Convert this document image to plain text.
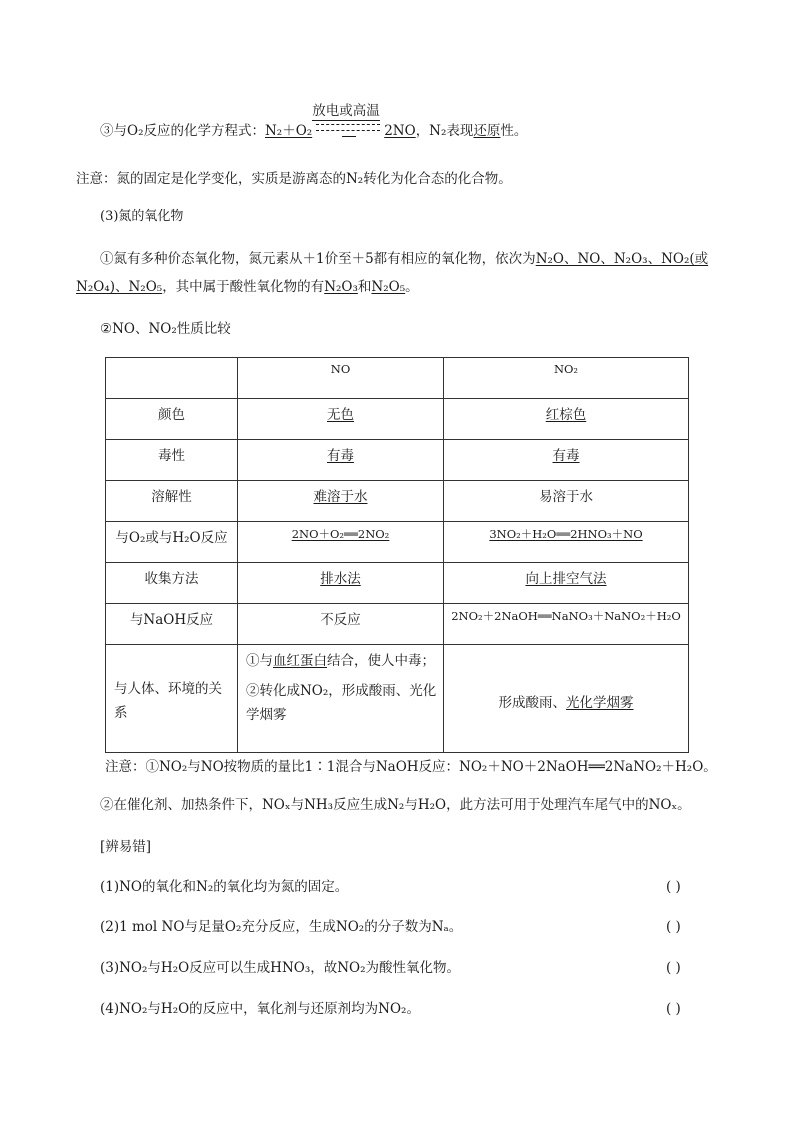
③与O₂反应的化学方程式：N₂＋O₂
放电或高温
2NO，N₂表现还原性。
注意：氮的固定是化学变化，实质是游离态的N₂转化为化合态的化合物。
(3)氮的氧化物
①氮有多种价态氧化物，氮元素从＋1价至＋5都有相应的氧化物，依次为N₂O、NO、N₂O₃、NO₂(或
N₂O₄)、N₂O₅，其中属于酸性氧化物的有N₂O₃和N₂O₅。
②NO、NO₂性质比较
	NO	NO₂
颜色	无色	红棕色
毒性	有毒	有毒
溶解性	难溶于水	易溶于水
与O₂或与H₂O反应	2NO＋O₂══2NO₂	3NO₂＋H₂O══2HNO₃＋NO
收集方法	排水法	向上排空气法
与NaOH反应	不反应	2NO₂＋2NaOH══NaNO₃＋NaNO₂＋H₂O
与人体、环境的关系	①与血红蛋白结合，使人中毒；
②转化成NO₂，形成酸雨、光化学烟雾	形成酸雨、光化学烟雾
注意：①NO₂与NO按物质的量比1∶1混合与NaOH反应：NO₂＋NO＋2NaOH══2NaNO₂＋H₂O。
②在催化剂、加热条件下，NOₓ与NH₃反应生成N₂与H₂O，此方法可用于处理汽车尾气中的NOₓ。
[辨易错]
(1)NO的氧化和N₂的氧化均为氮的固定。	( )
(2)1 mol NO与足量O₂充分反应，生成NO₂的分子数为Nₐ。	( )
(3)NO₂与H₂O反应可以生成HNO₃，故NO₂为酸性氧化物。	( )
(4)NO₂与H₂O的反应中，氧化剂与还原剂均为NO₂。	( )
